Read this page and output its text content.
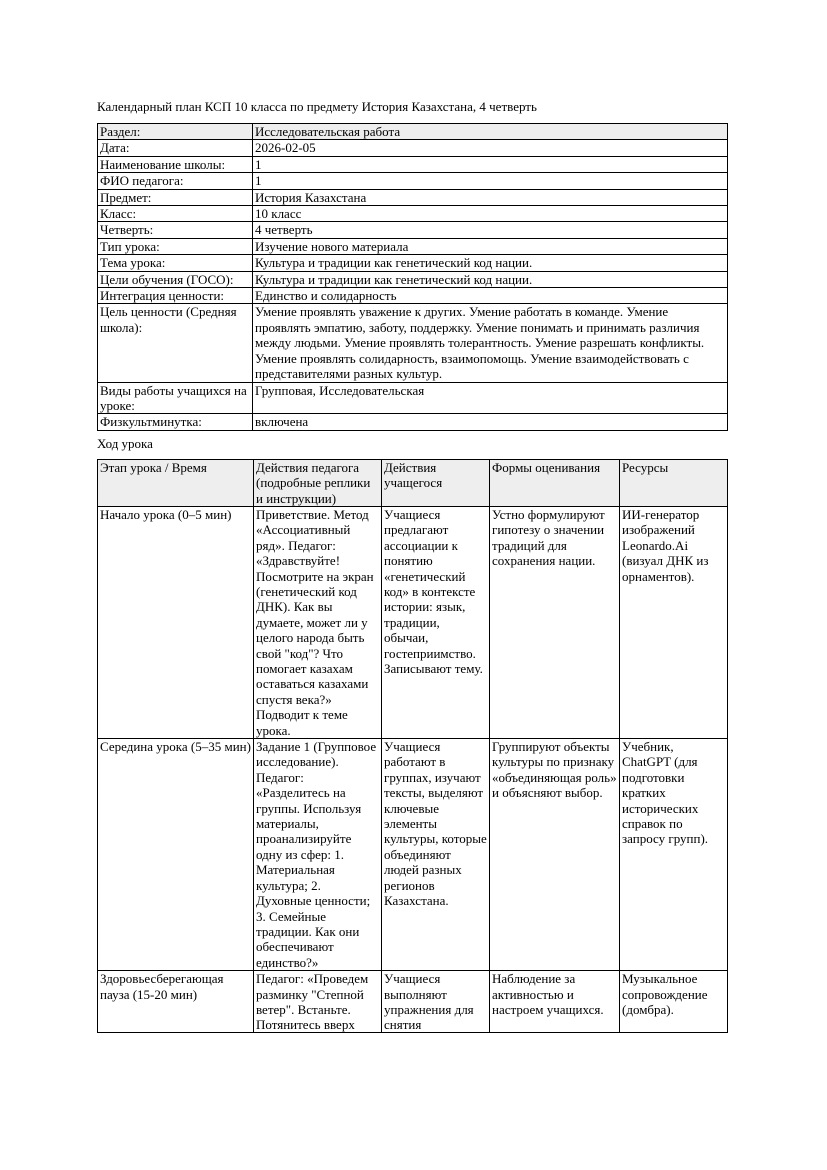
Календарный план КСП 10 класса по предмету История Казахстана, 4 четверть

Раздел:	Исследовательская работа
Дата:	2026-02-05
Наименование школы:	1
ФИО педагога:	1
Предмет:	История Казахстана
Класс:	10 класс
Четверть:	4 четверть
Тип урока:	Изучение нового материала
Тема урока:	Культура и традиции как генетический код нации.
Цели обучения (ГОСО):	Культура и традиции как генетический код нации.
Интеграция ценности:	Единство и солидарность
Цель ценности (Средняя школа):	Умение проявлять уважение к других. Умение работать в команде. Умение проявлять эмпатию, заботу, поддержку. Умение понимать и принимать различия между людьми. Умение проявлять толерантность. Умение разрешать конфликты. Умение проявлять солидарность, взаимопомощь. Умение взаимодействовать с представителями разных культур.
Виды работы учащихся на уроке:	Групповая, Исследовательская
Физкультминутка:	включена

Ход урока

Этап урока / Время	Действия педагога (подробные реплики и инструкции)	Действия учащегося	Формы оценивания	Ресурсы
Начало урока (0–5 мин)	Приветствие. Метод «Ассоциативный ряд». Педагог: «Здравствуйте! Посмотрите на экран (генетический код ДНК). Как вы думаете, может ли у целого народа быть свой "код"? Что помогает казахам оставаться казахами спустя века?» Подводит к теме урока.	Учащиеся предлагают ассоциации к понятию «генетический код» в контексте истории: язык, традиции, обычаи, гостеприимство. Записывают тему.	Устно формулируют гипотезу о значении традиций для сохранения нации.	ИИ-генератор изображений Leonardo.Ai (визуал ДНК из орнаментов).
Середина урока (5–35 мин)	Задание 1 (Групповое исследование). Педагог: «Разделитесь на группы. Используя материалы, проанализируйте одну из сфер: 1. Материальная культура; 2. Духовные ценности; 3. Семейные традиции. Как они обеспечивают единство?»	Учащиеся работают в группах, изучают тексты, выделяют ключевые элементы культуры, которые объединяют людей разных регионов Казахстана.	Группируют объекты культуры по признаку «объединяющая роль» и объясняют выбор.	Учебник, ChatGPT (для подготовки кратких исторических справок по запросу групп).

Здоровьесберегающая пауза (15-20 мин)	Педагог: «Проведем разминку "Степной ветер". Встаньте. Потянитесь вверх	Учащиеся выполняют упражнения для снятия	Наблюдение за активностью и настроем учащихся.	Музыкальное сопровождение (домбра).
